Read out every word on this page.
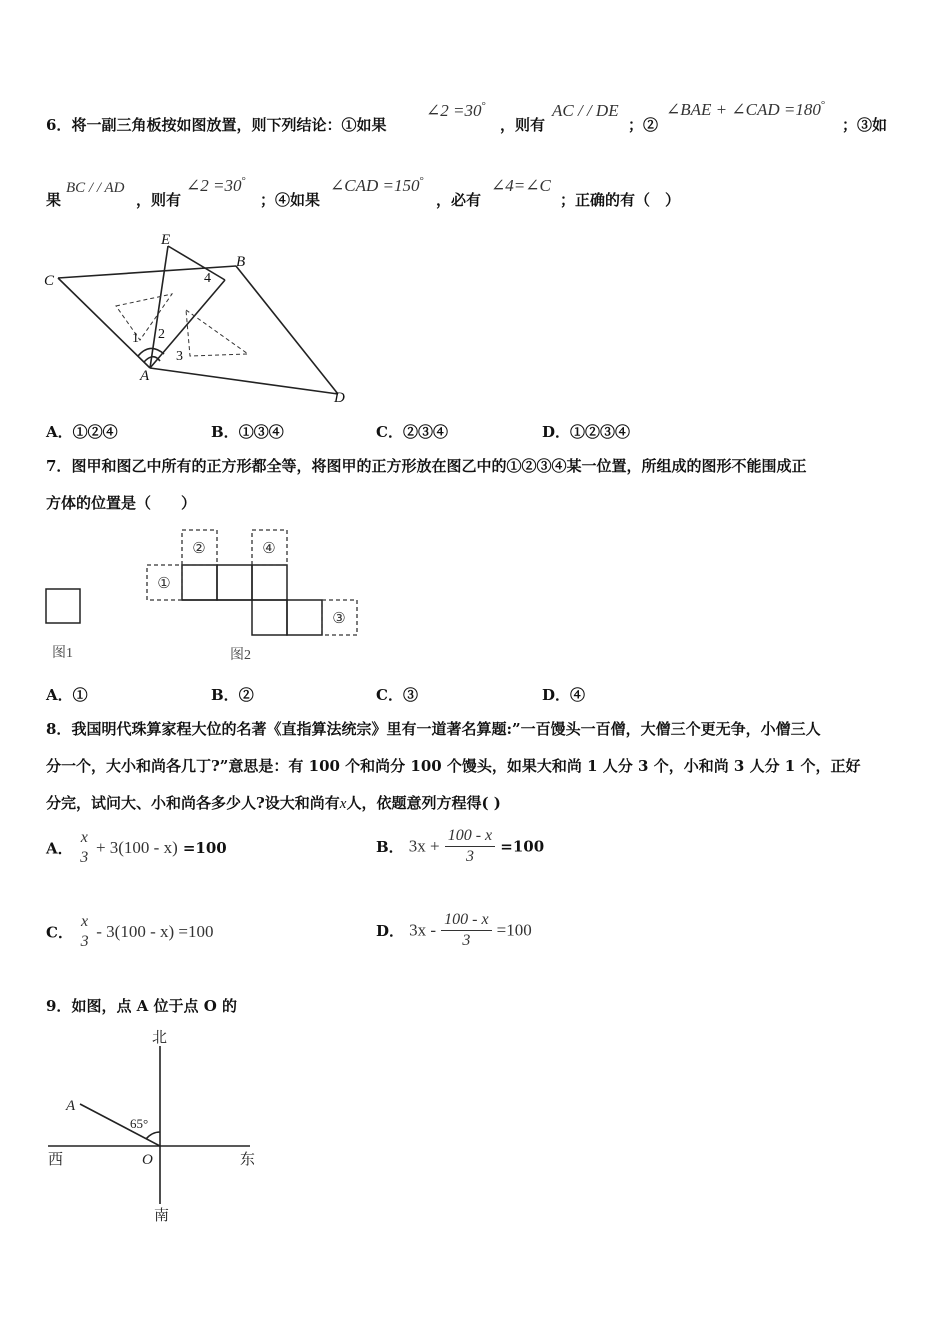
6．将一副三角板按如图放置，则下列结论：①如果
∠2 =30°
，则有
AC / / DE
；②
∠BAE + ∠CAD =180°
；③如
果
BC / / AD
，则有
∠2 =30°
；④如果
∠CAD =150°
，必有
∠4=∠C
；正确的有（　）
C
E
B
A
D
1 2
3
4
A．①②④	B．①③④	C．②③④	D．①②③④
7．图甲和图乙中所有的正方形都全等，将图甲的正方形放在图乙中的①②③④某一位置，所组成的图形不能围成正
方体的位置是（　　）
①
②	④
③
图1	图2
A．①	B．②	C．③	D．④
8．我国明代珠算家程大位的名著《直指算法统宗》里有一道著名算题:”一百馒头一百僧，大僧三个更无争，小僧三人
分一个，大小和尚各几丁?”意思是：有 100 个和尚分 100 个馒头，如果大和尚 1 人分 3 个，小和尚 3 人分 1 个，正好
分完，试问大、小和尚各多少人?设大和尚有x人，依题意列方程得( )
A．
x
3
+ 3(100 - x) =100	B． $3x + \frac{100 - x}{3} =100$
C．
x
3
- 3(100 - x) =100	D． $3x - \frac{100 - x}{3} =100$
9．如图，点 A 位于点 O 的
北
南
西	东
A
O
65°
